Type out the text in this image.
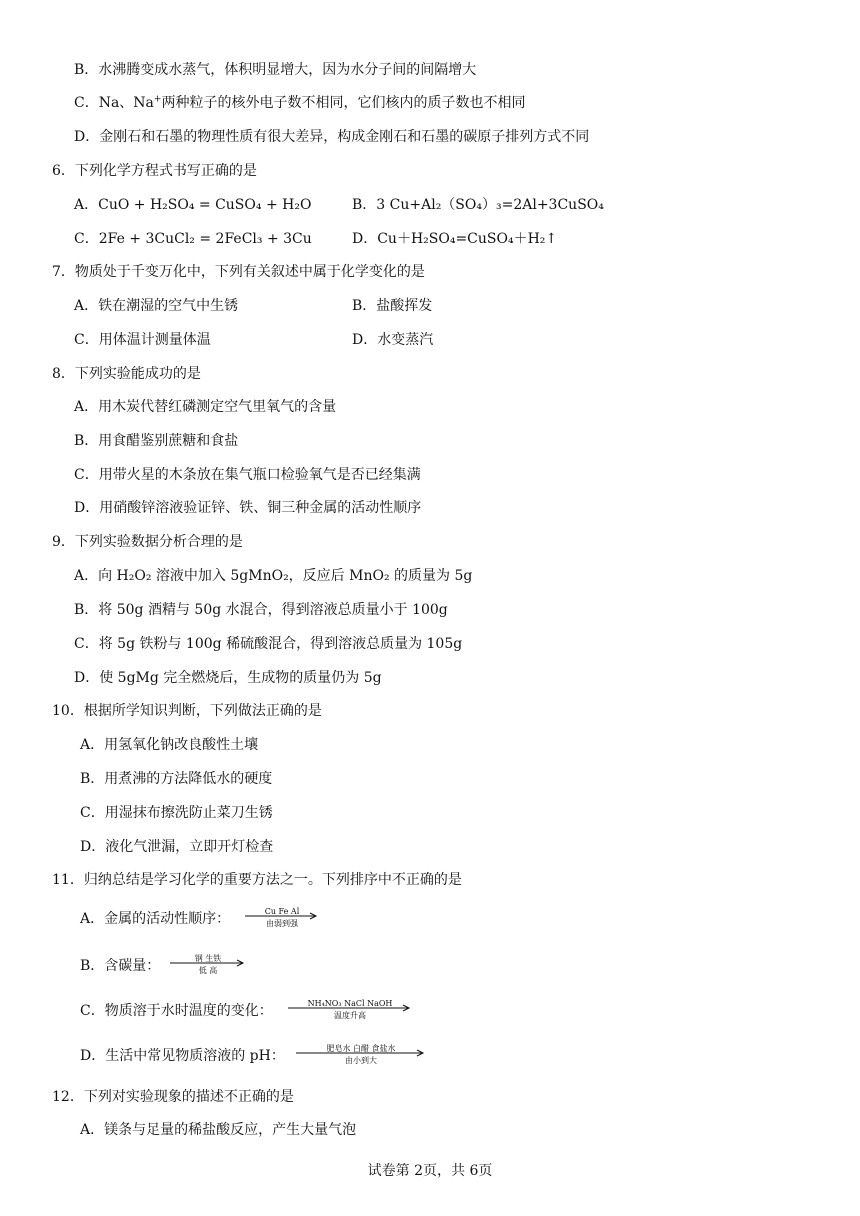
B．水沸腾变成水蒸气，体积明显增大，因为水分子间的间隔增大
C．Na、Na+两种粒子的核外电子数不相同，它们核内的质子数也不相同
D．金刚石和石墨的物理性质有很大差异，构成金刚石和石墨的碳原子排列方式不同
6．下列化学方程式书写正确的是
A．CuO + H₂SO₄ = CuSO₄ + H₂O	B．3 Cu+Al₂（SO₄）₃=2Al+3CuSO₄
C．2Fe + 3CuCl₂ = 2FeCl₃ + 3Cu	D．Cu＋H₂SO₄=CuSO₄＋H₂↑
7．物质处于千变万化中，下列有关叙述中属于化学变化的是
A．铁在潮湿的空气中生锈	B．盐酸挥发
C．用体温计测量体温	D．水变蒸汽
8．下列实验能成功的是
A．用木炭代替红磷测定空气里氧气的含量
B．用食醋鉴别蔗糖和食盐
C．用带火星的木条放在集气瓶口检验氧气是否已经集满
D．用硝酸锌溶液验证锌、铁、铜三种金属的活动性顺序
9．下列实验数据分析合理的是
A．向 H₂O₂ 溶液中加入 5gMnO₂，反应后 MnO₂ 的质量为 5g
B．将 50g 酒精与 50g 水混合，得到溶液总质量小于 100g
C．将 5g 铁粉与 100g 稀硫酸混合，得到溶液总质量为 105g
D．使 5gMg 完全燃烧后，生成物的质量仍为 5g
10．根据所学知识判断，下列做法正确的是
A．用氢氧化钠改良酸性土壤
B．用煮沸的方法降低水的硬度
C．用湿抹布擦洗防止菜刀生锈
D．液化气泄漏，立即开灯检查
11．归纳总结是学习化学的重要方法之一。下列排序中不正确的是
A．金属的活动性顺序：	Cu Fe Al
由弱到强
B．含碳量：	钢 生铁
低 高
C．物质溶于水时温度的变化：	NH₄NO₃ NaCl NaOH
温度升高
D．生活中常见物质溶液的 pH：	肥皂水 白醋 食盐水
由小到大
12．下列对实验现象的描述不正确的是
A．镁条与足量的稀盐酸反应，产生大量气泡
试卷第 2页，共 6页
